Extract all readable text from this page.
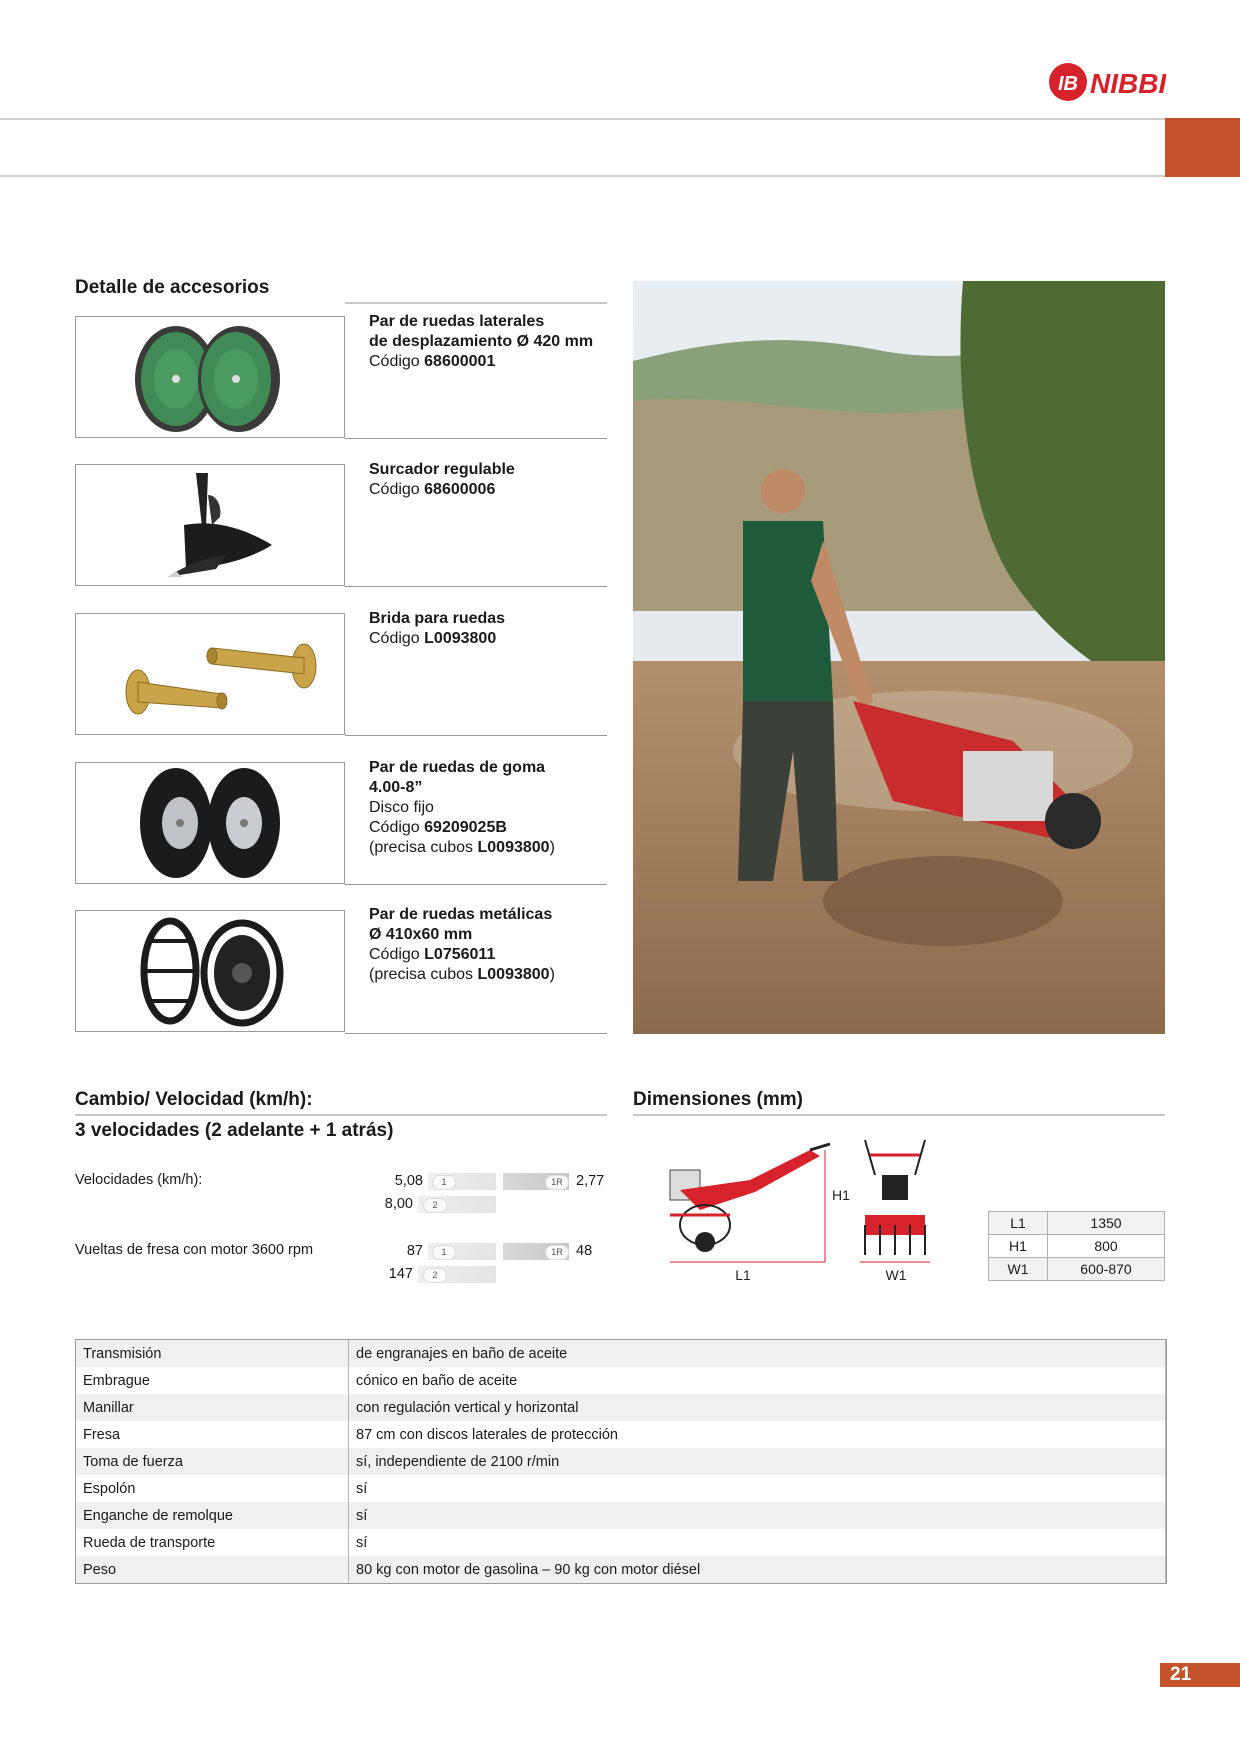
IB NIBBI
Detalle de accesorios
Par de ruedas laterales
de desplazamiento Ø 420 mm
Código 68600001
Surcador regulable
Código 68600006
Brida para ruedas
Código L0093800
Par de ruedas de goma
4.00-8”
Disco fijo
Código 69209025B
(precisa cubos L0093800)
Par de ruedas metálicas
Ø 410x60 mm
Código L0756011
(precisa cubos L0093800)
Cambio/ Velocidad (km/h):
3 velocidades (2 adelante + 1 atrás)
Velocidades (km/h):	5,08	1	1R 2,77
8,00	2
Vueltas de fresa con motor 3600 rpm	87	1	1R 48
147	2
Dimensiones (mm)
L1
H1
W1
L1	1350
H1	800
W1	600-870
Transmisión	de engranajes en baño de aceite
Embrague	cónico en baño de aceite
Manillar	con regulación vertical y horizontal
Fresa	87 cm con discos laterales de protección
Toma de fuerza	sí, independiente de 2100 r/min
Espolón	sí
Enganche de remolque	sí
Rueda de transporte	sí
Peso	80 kg con motor de gasolina – 90 kg con motor diésel
21
